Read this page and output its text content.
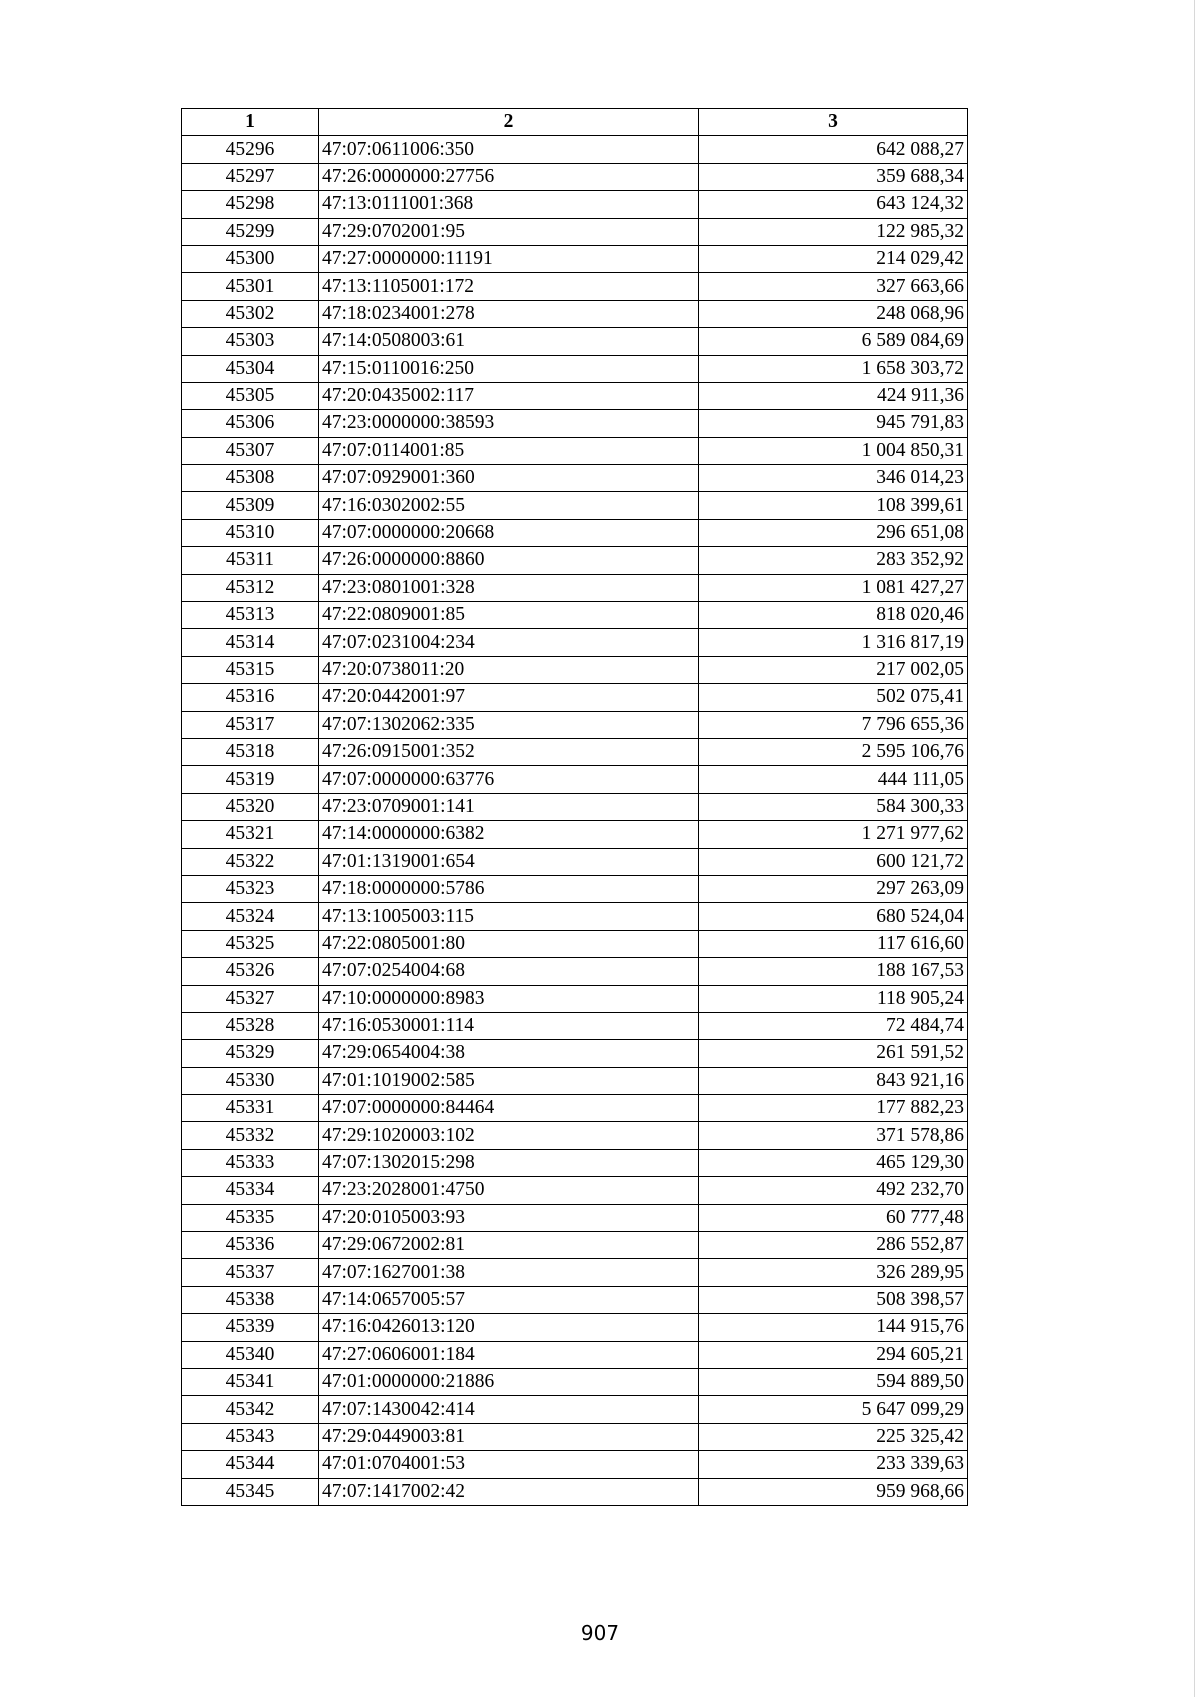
1	2	3
45296	47:07:0611006:350	642 088,27
45297	47:26:0000000:27756	359 688,34
45298	47:13:0111001:368	643 124,32
45299	47:29:0702001:95	122 985,32
45300	47:27:0000000:11191	214 029,42
45301	47:13:1105001:172	327 663,66
45302	47:18:0234001:278	248 068,96
45303	47:14:0508003:61	6 589 084,69
45304	47:15:0110016:250	1 658 303,72
45305	47:20:0435002:117	424 911,36
45306	47:23:0000000:38593	945 791,83
45307	47:07:0114001:85	1 004 850,31
45308	47:07:0929001:360	346 014,23
45309	47:16:0302002:55	108 399,61
45310	47:07:0000000:20668	296 651,08
45311	47:26:0000000:8860	283 352,92
45312	47:23:0801001:328	1 081 427,27
45313	47:22:0809001:85	818 020,46
45314	47:07:0231004:234	1 316 817,19
45315	47:20:0738011:20	217 002,05
45316	47:20:0442001:97	502 075,41
45317	47:07:1302062:335	7 796 655,36
45318	47:26:0915001:352	2 595 106,76
45319	47:07:0000000:63776	444 111,05
45320	47:23:0709001:141	584 300,33
45321	47:14:0000000:6382	1 271 977,62
45322	47:01:1319001:654	600 121,72
45323	47:18:0000000:5786	297 263,09
45324	47:13:1005003:115	680 524,04
45325	47:22:0805001:80	117 616,60
45326	47:07:0254004:68	188 167,53
45327	47:10:0000000:8983	118 905,24
45328	47:16:0530001:114	72 484,74
45329	47:29:0654004:38	261 591,52
45330	47:01:1019002:585	843 921,16
45331	47:07:0000000:84464	177 882,23
45332	47:29:1020003:102	371 578,86
45333	47:07:1302015:298	465 129,30
45334	47:23:2028001:4750	492 232,70
45335	47:20:0105003:93	60 777,48
45336	47:29:0672002:81	286 552,87
45337	47:07:1627001:38	326 289,95
45338	47:14:0657005:57	508 398,57
45339	47:16:0426013:120	144 915,76
45340	47:27:0606001:184	294 605,21
45341	47:01:0000000:21886	594 889,50
45342	47:07:1430042:414	5 647 099,29
45343	47:29:0449003:81	225 325,42
45344	47:01:0704001:53	233 339,63
45345	47:07:1417002:42	959 968,66
907
